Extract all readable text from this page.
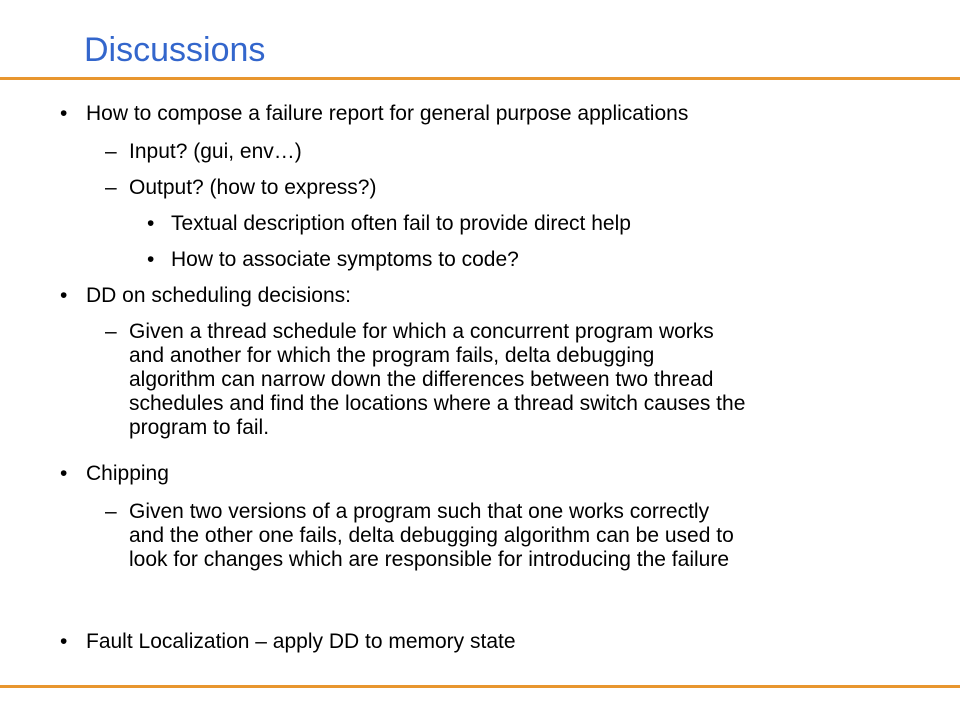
Discussions
• How to compose a failure report for general purpose applications
– Input? (gui, env…)
– Output? (how to express?)
• Textual description often fail to provide direct help
• How to associate symptoms to code?
• DD on scheduling decisions:
– Given a thread schedule for which a concurrent program works
and another for which the program fails, delta debugging
algorithm can narrow down the differences between two thread
schedules and find the locations where a thread switch causes the
program to fail.
• Chipping
– Given two versions of a program such that one works correctly
and the other one fails, delta debugging algorithm can be used to
look for changes which are responsible for introducing the failure
• Fault Localization – apply DD to memory state
